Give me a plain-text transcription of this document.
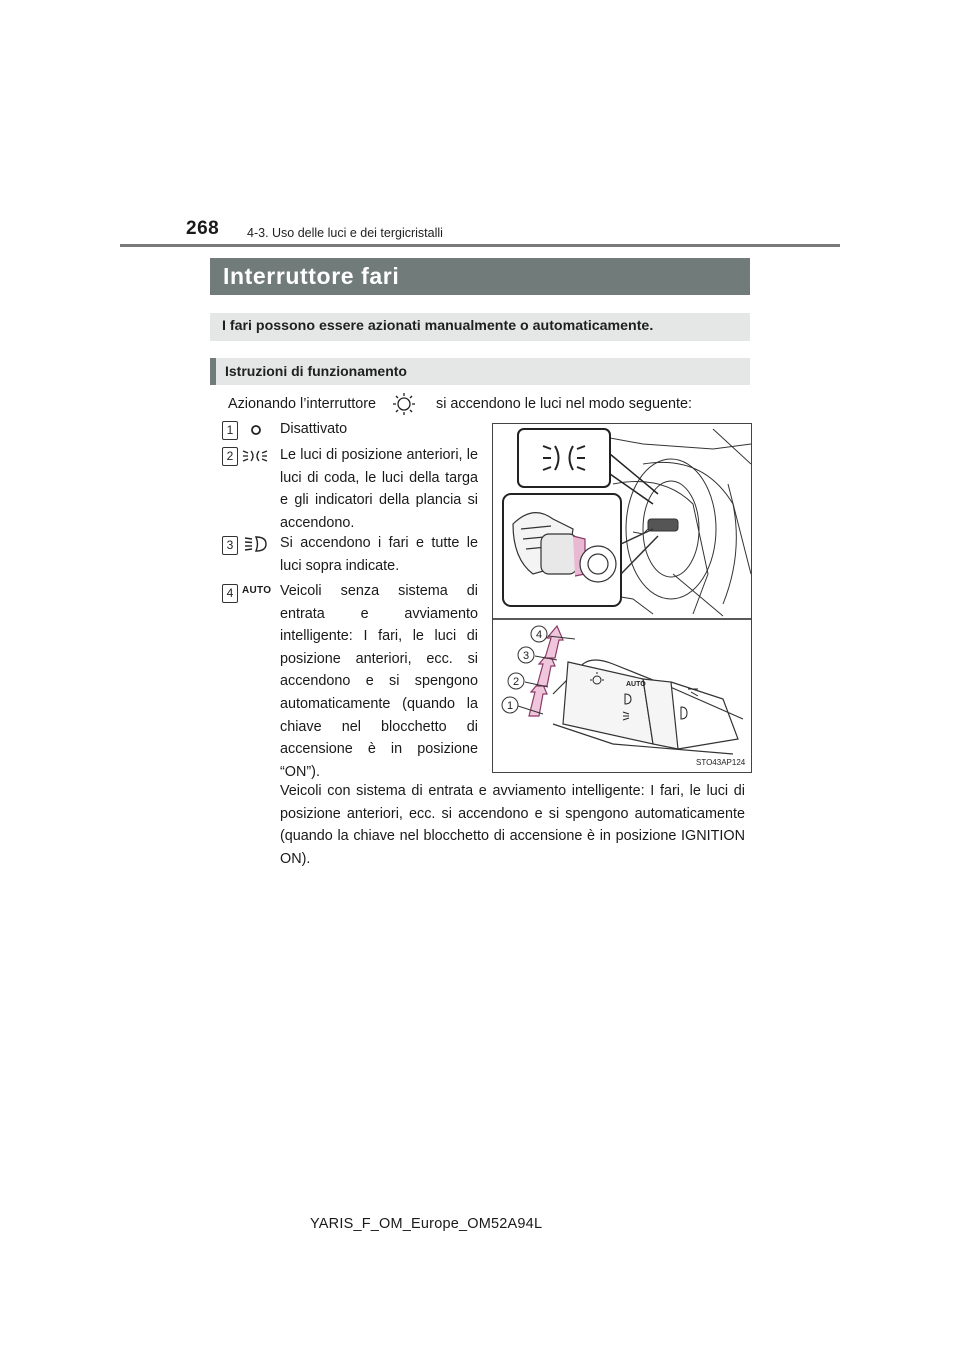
268 4-3. Uso delle luci e dei tergicristalli
Interruttore fari
I fari possono essere azionati manualmente o automaticamente.
Istruzioni di funzionamento
Azionando l’interruttore	si accendono le luci nel modo seguente:
1	Disattivato
2	Le luci di posizione anteriori, le luci di coda, le luci della targa e gli indicatori della plancia si accendono.
3	Si accendono i fari e tutte le luci sopra indicate.
4 AUTO Veicoli senza sistema di entrata e avviamento intelligente: I fari, le luci di posizione anteriori, ecc. si accendono e si spengono automaticamente (quando la chiave nel blocchetto di accensione è in posizione “ON”).
AUTO
1
2
3
4
STO43AP124
Veicoli con sistema di entrata e avviamento intelligente: I fari, le luci di posizione anteriori, ecc. si accendono e si spengono automaticamente (quando la chiave nel blocchetto di accensione è in posizione IGNITION ON).
YARIS_F_OM_Europe_OM52A94L
